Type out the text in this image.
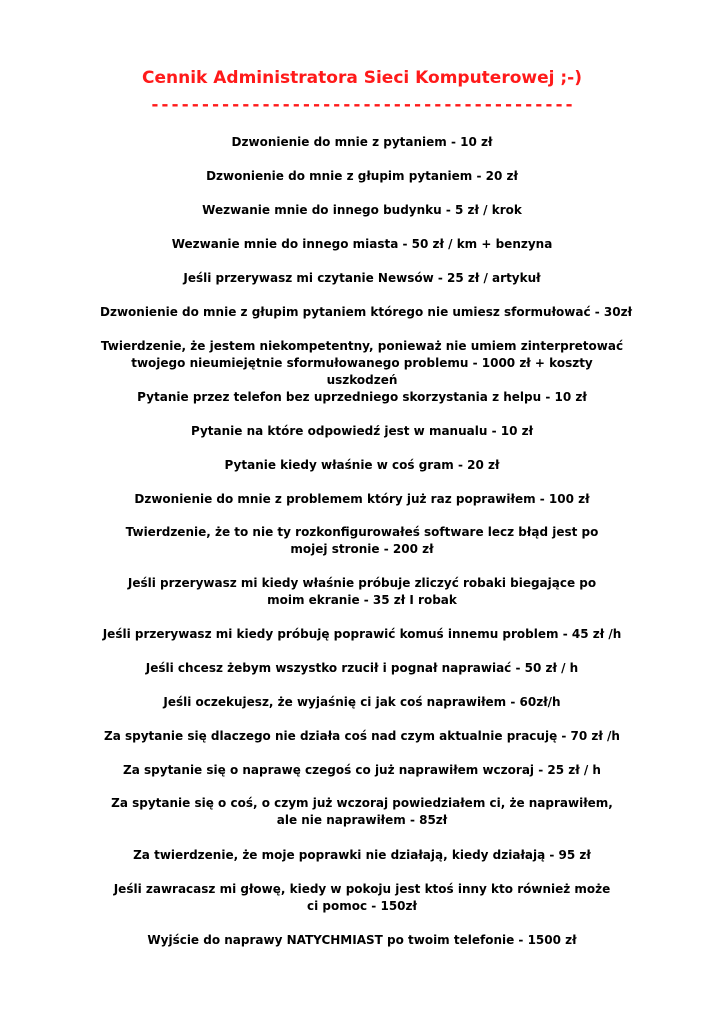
Cennik Administratora Sieci Komputerowej ;-)
------------------------------------------
Dzwonienie do mnie z pytaniem - 10 zł
Dzwonienie do mnie z głupim pytaniem - 20 zł
Wezwanie mnie do innego budynku - 5 zł / krok
Wezwanie mnie do innego miasta - 50 zł / km + benzyna
Jeśli przerywasz mi czytanie Newsów - 25 zł / artykuł
Dzwonienie do mnie z głupim pytaniem którego nie umiesz sformułować - 30zł
Twierdzenie, że jestem niekompetentny, ponieważ nie umiem zinterpretować twojego nieumiejętnie sformułowanego problemu - 1000 zł + koszty uszkodzeń
Pytanie przez telefon bez uprzedniego skorzystania z helpu - 10 zł
Pytanie na które odpowiedź jest w manualu - 10 zł
Pytanie kiedy właśnie w coś gram - 20 zł
Dzwonienie do mnie z problemem który już raz poprawiłem - 100 zł
Twierdzenie, że to nie ty rozkonfigurowałeś software lecz błąd jest po mojej stronie - 200 zł
Jeśli przerywasz mi kiedy właśnie próbuje zliczyć robaki biegające po moim ekranie - 35 zł I robak
Jeśli przerywasz mi kiedy próbuję poprawić komuś innemu problem - 45 zł /h
Jeśli chcesz żebym wszystko rzucił i pognał naprawiać - 50 zł / h
Jeśli oczekujesz, że wyjaśnię ci jak coś naprawiłem - 60zł/h
Za spytanie się dlaczego nie działa coś nad czym aktualnie pracuję - 70 zł /h
Za spytanie się o naprawę czegoś co już naprawiłem wczoraj - 25 zł / h
Za spytanie się o coś, o czym już wczoraj powiedziałem ci, że naprawiłem, ale nie naprawiłem - 85zł
Za twierdzenie, że moje poprawki nie działają, kiedy działają - 95 zł
Jeśli zawracasz mi głowę, kiedy w pokoju jest ktoś inny kto również może ci pomoc - 150zł
Wyjście do naprawy NATYCHMIAST po twoim telefonie - 1500 zł
